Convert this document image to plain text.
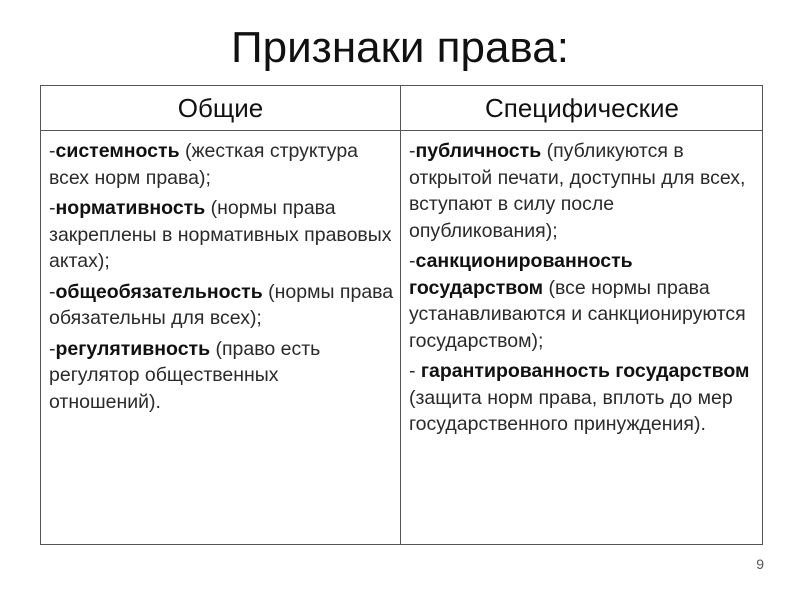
Признаки права:
Общие	Специфические

-системность (жесткая структура всех норм права);

-нормативность (нормы права закреплены в нормативных правовых актах);

-общеобязательность (нормы права обязательны для всех);

-регулятивность (право есть регулятор общественных отношений).

-публичность (публикуются в открытой печати, доступны для всех, вступают в силу после опубликования);

-санкционированность государством (все нормы права устанавливаются и санкционируются государством);

- гарантированность государством (защита норм права, вплоть до мер государственного принуждения).

9
